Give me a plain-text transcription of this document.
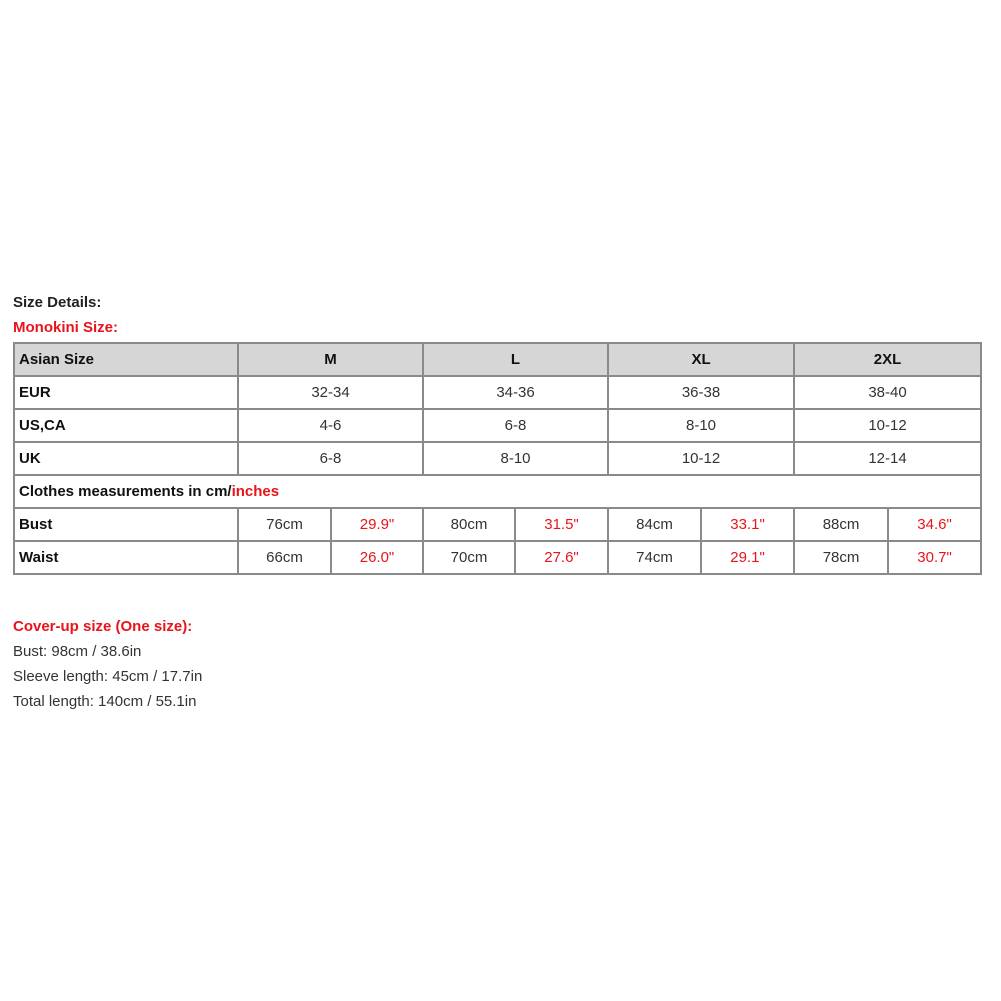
Size Details:
Monokini Size:
Asian Size	M		L		XL		2XL	
EUR	32-34		34-36		36-38		38-40	
US,CA	4-6		6-8		8-10		10-12	
UK	6-8		8-10		10-12		12-14	
Clothes measurements in cm/inches								
Bust	76cm	29.9"	80cm	31.5"	84cm	33.1"	88cm	34.6"
Waist	66cm	26.0"	70cm	27.6"	74cm	29.1"	78cm	30.7"
Cover-up size (One size):
Bust: 98cm / 38.6in
Sleeve length: 45cm / 17.7in
Total length: 140cm / 55.1in
